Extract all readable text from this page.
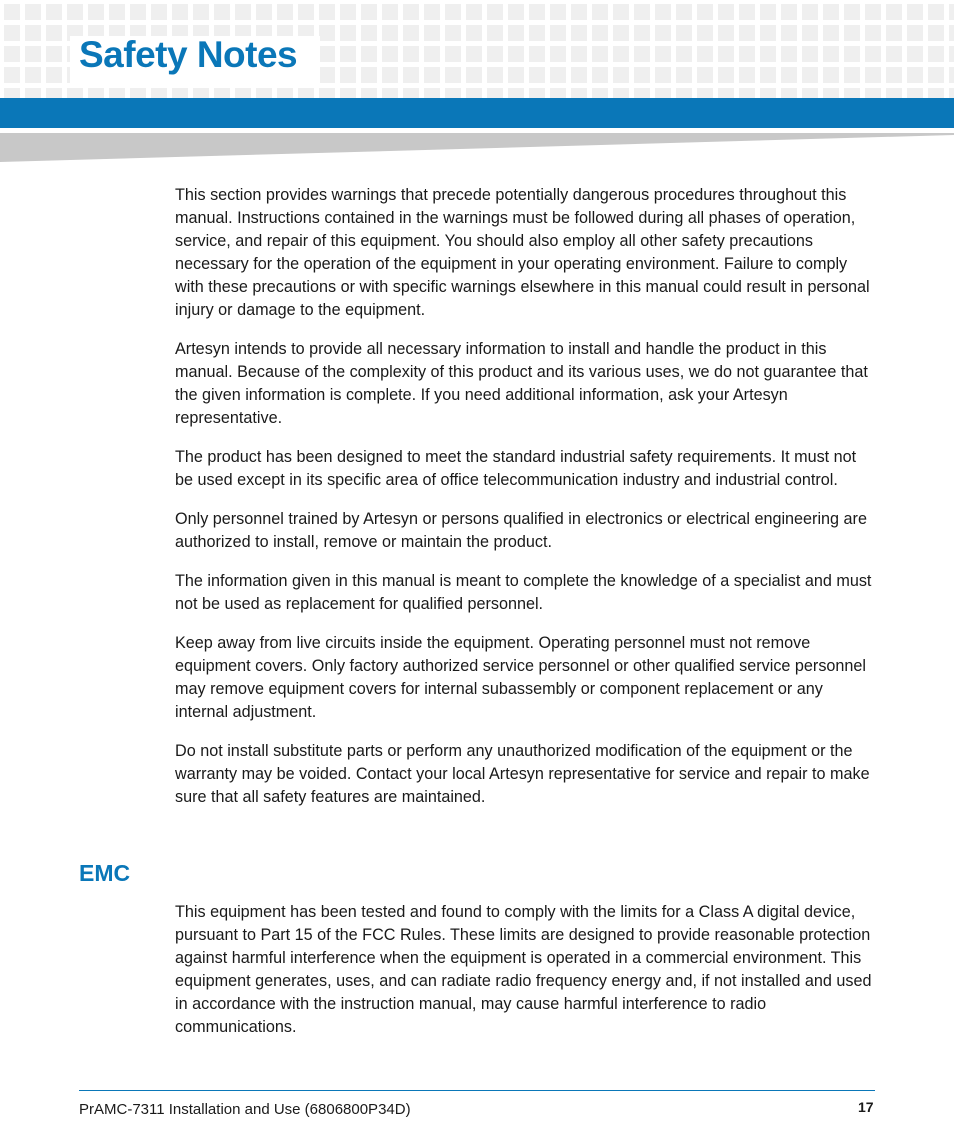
Safety Notes

This section provides warnings that precede potentially dangerous procedures throughout this manual. Instructions contained in the warnings must be followed during all phases of operation, service, and repair of this equipment. You should also employ all other safety precautions necessary for the operation of the equipment in your operating environment. Failure to comply with these precautions or with specific warnings elsewhere in this manual could result in personal injury or damage to the equipment.

Artesyn intends to provide all necessary information to install and handle the product in this manual. Because of the complexity of this product and its various uses, we do not guarantee that the given information is complete. If you need additional information, ask your Artesyn representative.

The product has been designed to meet the standard industrial safety requirements. It must not be used except in its specific area of office telecommunication industry and industrial control.

Only personnel trained by Artesyn or persons qualified in electronics or electrical engineering are authorized to install, remove or maintain the product.

The information given in this manual is meant to complete the knowledge of a specialist and must not be used as replacement for qualified personnel.

Keep away from live circuits inside the equipment. Operating personnel must not remove equipment covers. Only factory authorized service personnel or other qualified service personnel may remove equipment covers for internal subassembly or component replacement or any internal adjustment.

Do not install substitute parts or perform any unauthorized modification of the equipment or the warranty may be voided. Contact your local Artesyn representative for service and repair to make sure that all safety features are maintained.

EMC

This equipment has been tested and found to comply with the limits for a Class A digital device, pursuant to Part 15 of the FCC Rules. These limits are designed to provide reasonable protection against harmful interference when the equipment is operated in a commercial environment. This equipment generates, uses, and can radiate radio frequency energy and, if not installed and used in accordance with the instruction manual, may cause harmful interference to radio communications.

PrAMC-7311 Installation and Use (6806800P34D)	17
